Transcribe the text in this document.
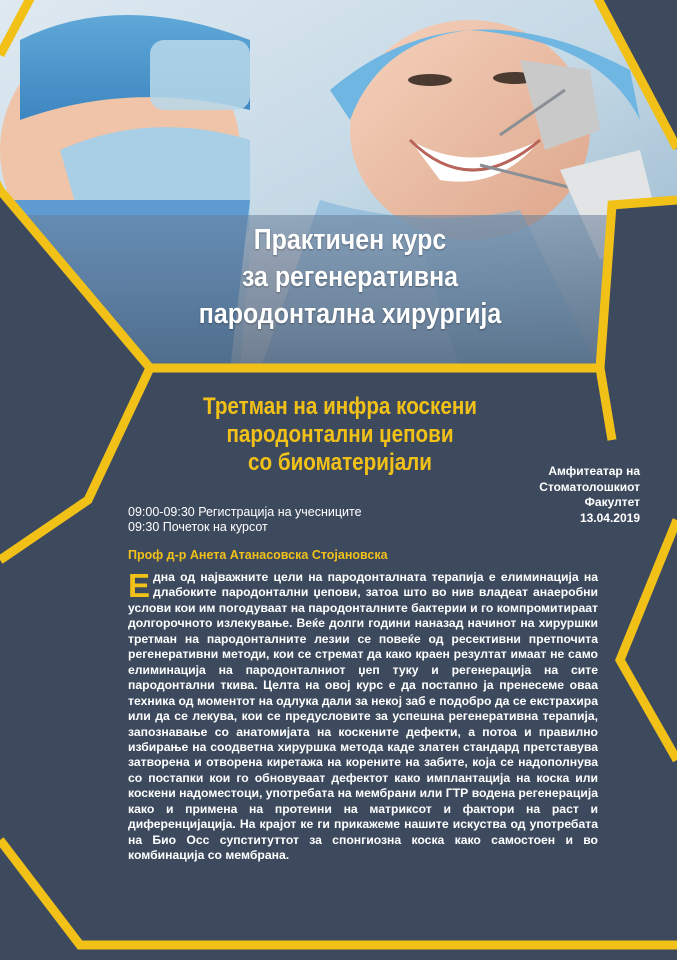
Практичен курс
за регенеративна
пародонтална хирургија
Третман на инфра коскени
пародонтални џепови
со биоматеријали	Амфитеатар на
Стоматолошкиот
Факултет
13.04.2019
09:00-09:30 Регистрација на учесниците
09:30 Почеток на курсот
Проф д-р Анета Атанасовска Стојановска
Една од најважните цели на пародонталната терапија е елиминација на длабоките пародонтални џепови, затоа што во нив владеат анаеробни услови кои им погодуваат на пародонталните бактерии и го компромитираат долгорочното излекување. Веќе долги години наназад начинот на хируршки третман на пародонталните лезии се повеќе од ресективни претпочита регенеративни методи, кои се стремат да како краен резултат имаат не само елиминација на пародонталниот џеп туку и регенерација на сите пародонтални ткива. Целта на овој курс е да постапно ја пренесеме оваа техника од моментот на одлука дали за некој заб е подобро да се екстрахира или да се лекува, кои се предусловите за успешна регенеративна терапија, запознавање со анатомијата на коскените дефекти, а потоа и правилно избирање на соодветна хируршка метода каде златен стандард претставува затворена и отворена киретажа на корените на забите, која се надополнува со постапки кои го обновуваат дефектот како имплантација на коска или коскени надоместоци, употребата на мембрани или ГТР водена регенерација како и примена на протеини на матриксот и фактори на раст и диференцијација. На крајот ке ги прикажеме нашите искуства од употребата на Био Осс супституттот за спонгиозна коска како самостоен и во комбинација со мембрана.
